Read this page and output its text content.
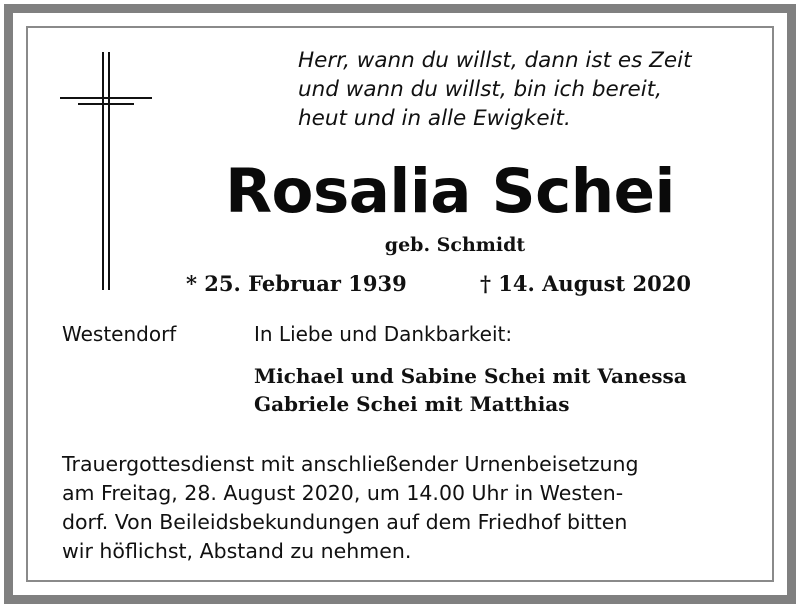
Herr, wann du willst, dann ist es Zeit
und wann du willst, bin ich bereit,
heut und in alle Ewigkeit.
Rosalia Schei
geb. Schmidt
* 25. Februar 1939	† 14. August 2020
Westendorf	In Liebe und Dankbarkeit:
Michael und Sabine Schei mit Vanessa
Gabriele Schei mit Matthias
Trauergottesdienst mit anschließender Urnenbeisetzung
am Freitag, 28. August 2020, um 14.00 Uhr in Westen-
dorf. Von Beileidsbekundungen auf dem Friedhof bitten
wir höflichst, Abstand zu nehmen.
